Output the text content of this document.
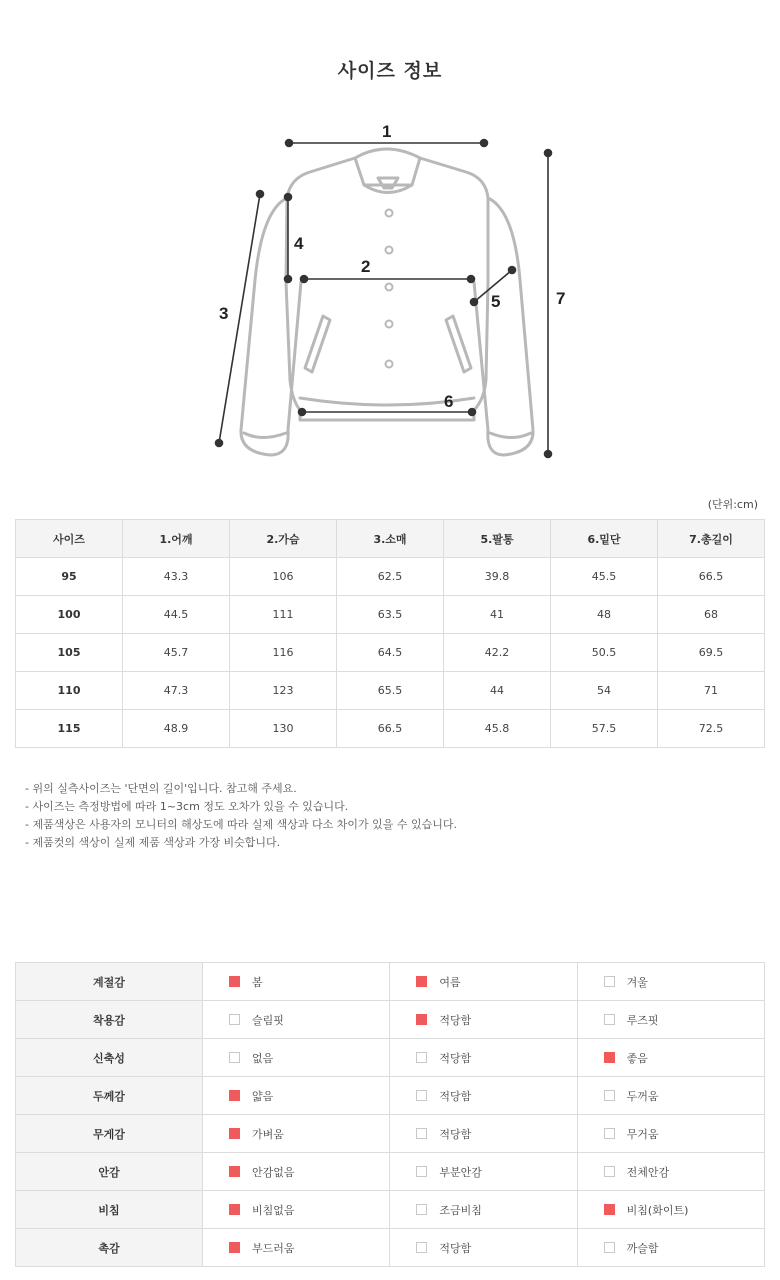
사이즈 정보
1
2
3
4
5
6
7
(단위:cm)
사이즈	1.어깨	2.가슴	3.소매	5.팔통	6.밑단	7.총길이
95	43.3	106	62.5	39.8	45.5	66.5
100	44.5	111	63.5	41	48	68
105	45.7	116	64.5	42.2	50.5	69.5
110	47.3	123	65.5	44	54	71
115	48.9	130	66.5	45.8	57.5	72.5
- 위의 실측사이즈는 '단면의 길이'입니다. 참고해 주세요.
- 사이즈는 측정방법에 따라 1~3cm 정도 오차가 있을 수 있습니다.
- 제품색상은 사용자의 모니터의 해상도에 따라 실제 색상과 다소 차이가 있을 수 있습니다.
- 제품컷의 색상이 실제 제품 색상과 가장 비슷합니다.
계절감	봄	여름	겨울

착용감	슬림핏	적당함	루즈핏

신축성	없음	적당함	좋음

두께감	얇음	적당함	두꺼움

무게감	가벼움	적당함	무거움

안감	안감없음	부분안감	전체안감

비침	비침없음	조금비침	비침(화이트)

촉감	부드러움	적당함	까슬함
